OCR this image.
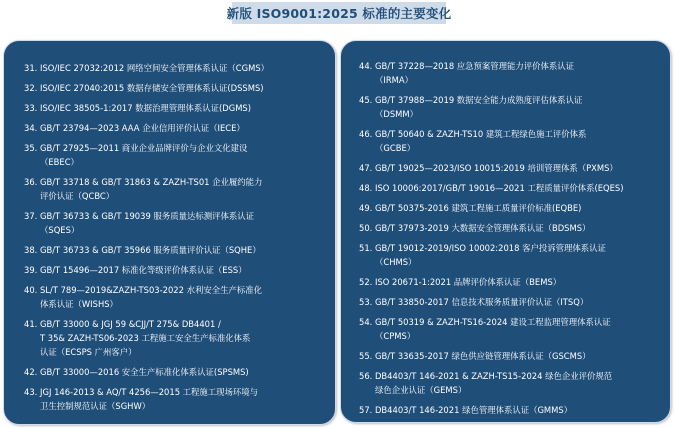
新版 ISO9001:2025 标准的主要变化
31. ISO/IEC 27032:2012 网络空间安全管理体系认证（CGMS）
32. ISO/IEC 27040:2015 数据存储安全管理体系认证(DSSMS)
33. ISO/IEC 38505-1:2017 数据治理管理体系认证(DGMS)
34. GB/T 23794—2023 AAA 企业信用评价认证（IECE）
35. GB/T 27925—2011 商业企业品牌评价与企业文化建设
（EBEC）
36. GB/T 33718 & GB/T 31863 & ZAZH-TS01 企业履约能力
评价认证（QCBC）
37. GB/T 36733 & GB/T 19039 服务质量达标测评体系认证
（SQES）
38. GB/T 36733 & GB/T 35966 服务质量评价认证（SQHE）
39. GB/T 15496—2017 标准化等级评价体系认证（ESS）
40. SL/T 789—2019&ZAZH-TS03-2022 水利安全生产标准化
体系认证（WISHS）
41. GB/T 33000 & JGJ 59 &CJJ/T 275& DB4401 /
T 35& ZAZH-TS06-2023 工程施工安全生产标准化体系
认证（ECSPS 广州客户）
42. GB/T 33000—2016 安全生产标准化体系认证(SPSMS)
43. JGJ 146-2013 & AQ/T 4256—2015 工程施工现场环境与
卫生控制规范认证（SGHW）
44. GB/T 37228—2018 应急预案管理能力评价体系认证
（IRMA）
45. GB/T 37988—2019 数据安全能力成熟度评估体系认证
（DSMM）
46. GB/T 50640 & ZAZH-TS10 建筑工程绿色施工评价体系
（GCBE）
47. GB/T 19025—2023/ISO 10015:2019 培训管理体系（PXMS）
48. ISO 10006:2017/GB/T 19016—2021 工程质量评价体系(EQES)
49. GB/T 50375-2016 建筑工程施工质量评价标准(EQBE)
50. GB/T 37973-2019 大数据安全管理体系认证（BDSMS）
51. GB/T 19012-2019/ISO 10002:2018 客户投诉管理体系认证
（CHMS）
52. ISO 20671-1:2021 品牌评价体系认证（BEMS）
53. GB/T 33850-2017 信息技术服务质量评价认证（ITSQ）
54. GB/T 50319 & ZAZH-TS16-2024 建设工程监理管理体系认证
（CPMS）
55. GB/T 33635-2017 绿色供应链管理体系认证（GSCMS）
56. DB4403/T 146-2021 & ZAZH-TS15-2024 绿色企业评价规范
绿色企业认证（GEMS）
57. DB4403/T 146-2021 绿色管理体系认证（GMMS）
